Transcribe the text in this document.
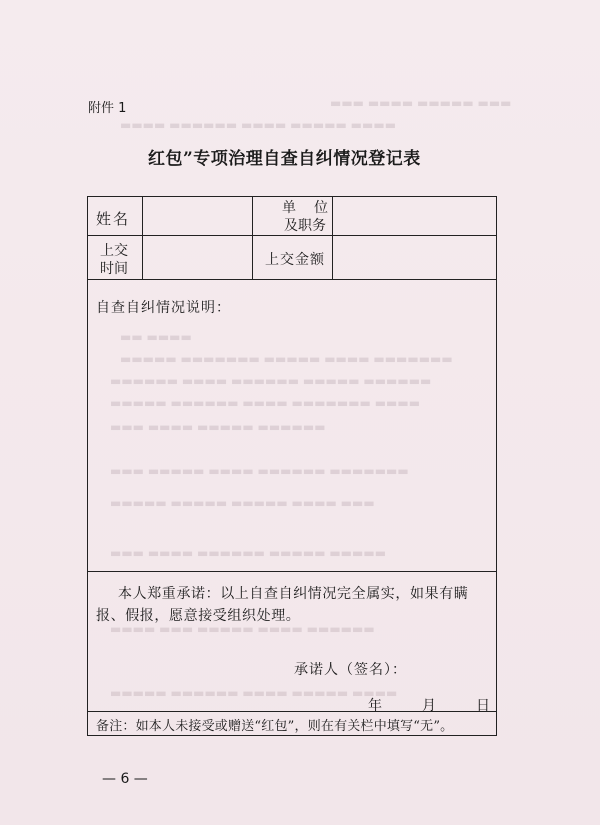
▬▬▬ ▬▬▬▬ ▬▬▬▬▬ ▬▬▬
▬▬▬▬ ▬▬▬▬▬▬ ▬▬▬▬ ▬▬▬▬▬ ▬▬▬▬
▬▬ ▬▬▬▬
▬▬▬▬▬ ▬▬▬▬▬▬▬ ▬▬▬▬▬ ▬▬▬▬ ▬▬▬▬▬▬▬
▬▬▬▬▬▬ ▬▬▬▬ ▬▬▬▬▬▬ ▬▬▬▬▬ ▬▬▬▬▬▬
▬▬▬▬▬ ▬▬▬▬▬▬ ▬▬▬▬ ▬▬▬▬▬▬▬ ▬▬▬▬
▬▬▬ ▬▬▬▬ ▬▬▬▬▬ ▬▬▬▬▬▬
▬▬▬ ▬▬▬▬▬ ▬▬▬▬ ▬▬▬▬▬▬ ▬▬▬▬▬▬▬
▬▬▬▬▬ ▬▬▬▬▬ ▬▬▬▬▬ ▬▬▬▬ ▬▬▬
▬▬▬ ▬▬▬▬ ▬▬▬▬▬▬ ▬▬▬▬▬ ▬▬▬▬▬
▬▬▬▬ ▬▬▬ ▬▬▬▬▬ ▬▬▬▬ ▬▬▬▬▬▬
▬▬▬▬▬ ▬▬▬▬▬▬ ▬▬▬▬ ▬▬▬▬▬ ▬▬▬▬
附件 1
红包”专项治理自查自纠情况登记表
姓名
单位
及职务
上交时间
上交金额
自查自纠情况说明：
本人郑重承诺：以上自查自纠情况完全属实，如果有瞒报、假报，愿意接受组织处理。
承诺人（签名）：
年	月	日
备注：如本人未接受或赠送“红包”，则在有关栏中填写“无”。
— 6 —
